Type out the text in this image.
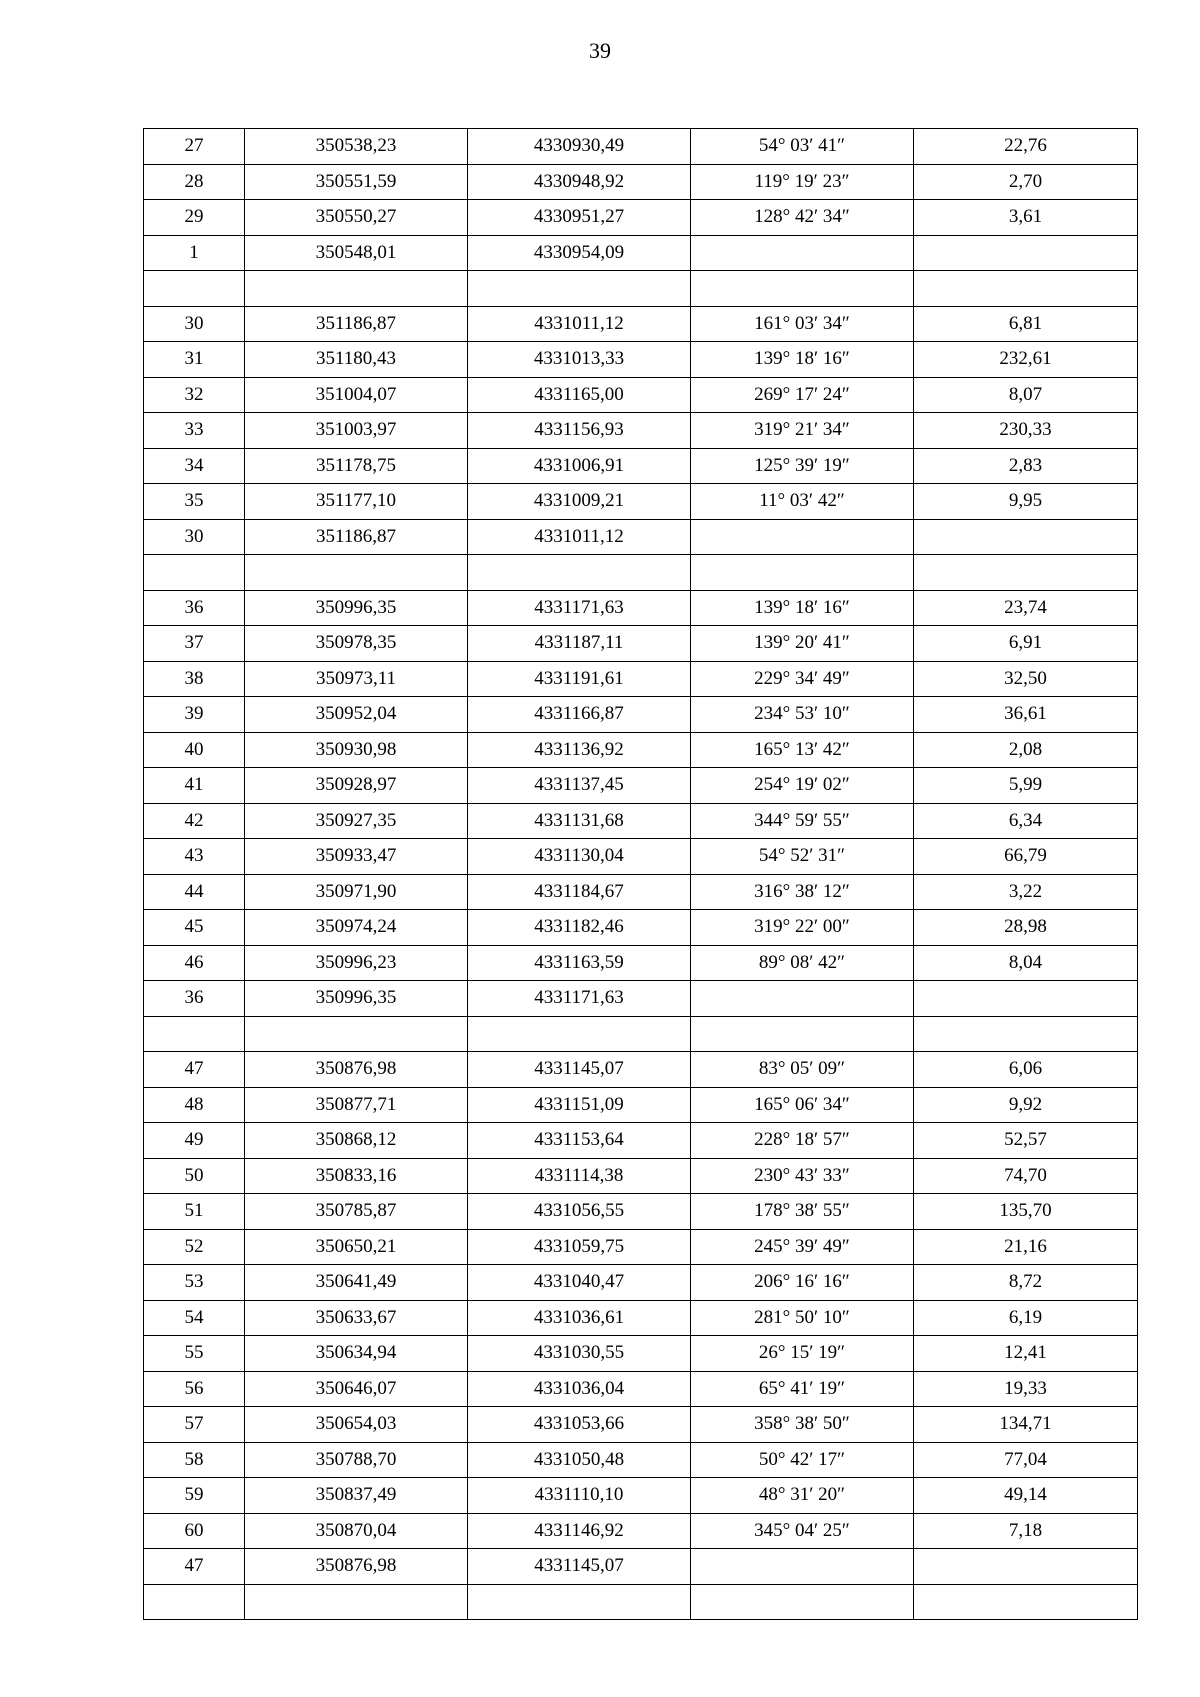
39
27	350538,23	4330930,49	54° 03′ 41″	22,76
28	350551,59	4330948,92	119° 19′ 23″	2,70
29	350550,27	4330951,27	128° 42′ 34″	3,61
1	350548,01	4330954,09		

30	351186,87	4331011,12	161° 03′ 34″	6,81
31	351180,43	4331013,33	139° 18′ 16″	232,61
32	351004,07	4331165,00	269° 17′ 24″	8,07
33	351003,97	4331156,93	319° 21′ 34″	230,33
34	351178,75	4331006,91	125° 39′ 19″	2,83
35	351177,10	4331009,21	11° 03′ 42″	9,95
30	351186,87	4331011,12		

36	350996,35	4331171,63	139° 18′ 16″	23,74
37	350978,35	4331187,11	139° 20′ 41″	6,91
38	350973,11	4331191,61	229° 34′ 49″	32,50
39	350952,04	4331166,87	234° 53′ 10″	36,61
40	350930,98	4331136,92	165° 13′ 42″	2,08
41	350928,97	4331137,45	254° 19′ 02″	5,99
42	350927,35	4331131,68	344° 59′ 55″	6,34
43	350933,47	4331130,04	54° 52′ 31″	66,79
44	350971,90	4331184,67	316° 38′ 12″	3,22
45	350974,24	4331182,46	319° 22′ 00″	28,98
46	350996,23	4331163,59	89° 08′ 42″	8,04
36	350996,35	4331171,63		

47	350876,98	4331145,07	83° 05′ 09″	6,06
48	350877,71	4331151,09	165° 06′ 34″	9,92
49	350868,12	4331153,64	228° 18′ 57″	52,57
50	350833,16	4331114,38	230° 43′ 33″	74,70
51	350785,87	4331056,55	178° 38′ 55″	135,70
52	350650,21	4331059,75	245° 39′ 49″	21,16
53	350641,49	4331040,47	206° 16′ 16″	8,72
54	350633,67	4331036,61	281° 50′ 10″	6,19
55	350634,94	4331030,55	26° 15′ 19″	12,41
56	350646,07	4331036,04	65° 41′ 19″	19,33
57	350654,03	4331053,66	358° 38′ 50″	134,71
58	350788,70	4331050,48	50° 42′ 17″	77,04
59	350837,49	4331110,10	48° 31′ 20″	49,14
60	350870,04	4331146,92	345° 04′ 25″	7,18
47	350876,98	4331145,07		
